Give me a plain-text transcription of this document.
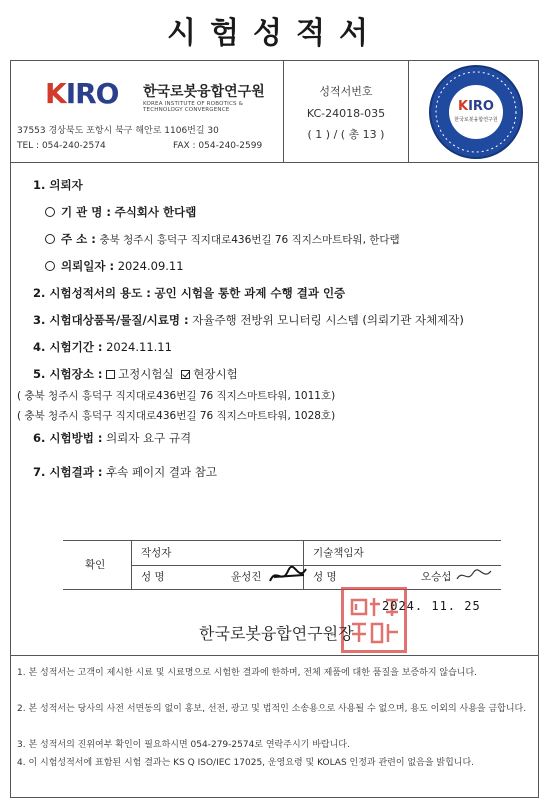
시험성적서
KIRO 한국로봇융합연구원
KOREA INSTITUTE OF ROBOTICS & TECHNOLOGY CONVERGENCE
37553 경상북도 포항시 북구 해안로 1106번길 30
TEL : 054-240-2574	FAX : 054-240-2599
성적서번호
KC-24018-035
( 1 ) / ( 총 13 )
KIRO
한국로봇융합연구원
1. 의뢰자
기 관 명 : 주식회사 한다랩
주 소 : 충북 청주시 흥덕구 직지대로436번길 76 직지스마트타워, 한다랩
의뢰일자 : 2024.09.11
2. 시험성적서의 용도 : 공인 시험을 통한 과제 수행 결과 인증
3. 시험대상품목/물질/시료명 : 자율주행 전방위 모니터링 시스템 (의뢰기관 자체제작)
4. 시험기간 : 2024.11.11
5. 시험장소 : 고정시험실 현장시험
( 충북 청주시 흥덕구 직지대로436번길 76 직지스마트타워, 1011호)
( 충북 청주시 흥덕구 직지대로436번길 76 직지스마트타워, 1028호)
6. 시험방법 : 의뢰자 요구 규격
7. 시험결과 : 후속 페이지 결과 참고
확인
작성자
성 명	윤성진
기술책임자
성 명	오승섭
2024. 11. 25
한국로봇융합연구원장
1. 본 성적서는 고객이 제시한 시료 및 시료명으로 시험한 결과에 한하며, 전체 제품에 대한 품질을 보증하지 않습니다.
2. 본 성적서는 당사의 사전 서면동의 없이 홍보, 선전, 광고 및 법적인 소송용으로 사용될 수 없으며, 용도 이외의 사용을 금합니다.
3. 본 성적서의 진위여부 확인이 필요하시면 054-279-2574로 연락주시기 바랍니다.
4. 이 시험성적서에 표함된 시험 결과는 KS Q ISO/IEC 17025, 운영요령 및 KOLAS 인정과 관련이 없음을 밝힙니다.
